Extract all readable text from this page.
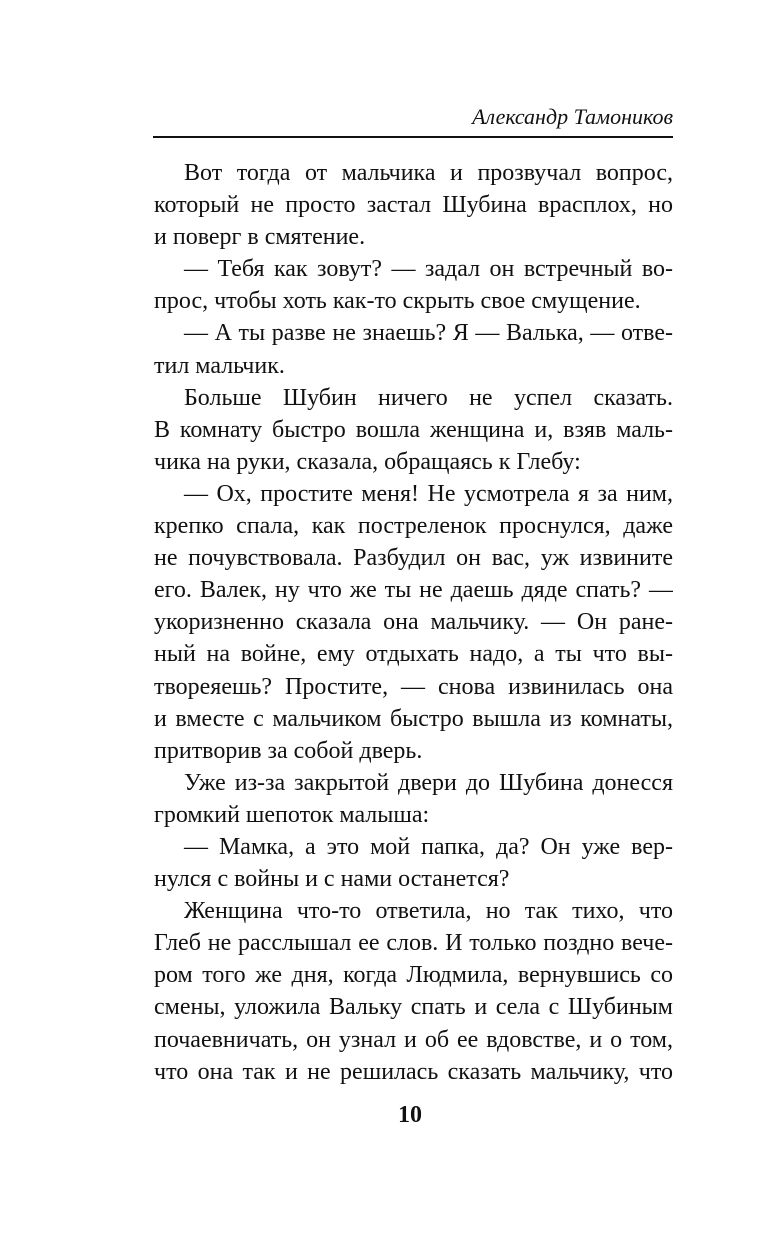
Александр Тамоников
Вот тогда от мальчика и прозвучал вопрос,
который не просто застал Шубина врасплох, но
и поверг в смятение.
— Тебя как зовут? — задал он встречный во-
прос, чтобы хоть как-то скрыть свое смущение.
— А ты разве не знаешь? Я — Валька, — отве-
тил мальчик.
Больше Шубин ничего не успел сказать.
В комнату быстро вошла женщина и, взяв маль-
чика на руки, сказала, обращаясь к Глебу:
— Ох, простите меня! Не усмотрела я за ним,
крепко спала, как постреленок проснулся, даже
не почувствовала. Разбудил он вас, уж извините
его. Валек, ну что же ты не даешь дяде спать? —
укоризненно сказала она мальчику. — Он ране-
ный на войне, ему отдыхать надо, а ты что вы-
твореяешь? Простите, — снова извинилась она
и вместе с мальчиком быстро вышла из комнаты,
притворив за собой дверь.
Уже из-за закрытой двери до Шубина донесся
громкий шепоток малыша:
— Мамка, а это мой папка, да? Он уже вер-
нулся с войны и с нами останется?
Женщина что-то ответила, но так тихо, что
Глеб не расслышал ее слов. И только поздно вече-
ром того же дня, когда Людмила, вернувшись со
смены, уложила Вальку спать и села с Шубиным
почаевничать, он узнал и об ее вдовстве, и о том,
что она так и не решилась сказать мальчику, что
10
